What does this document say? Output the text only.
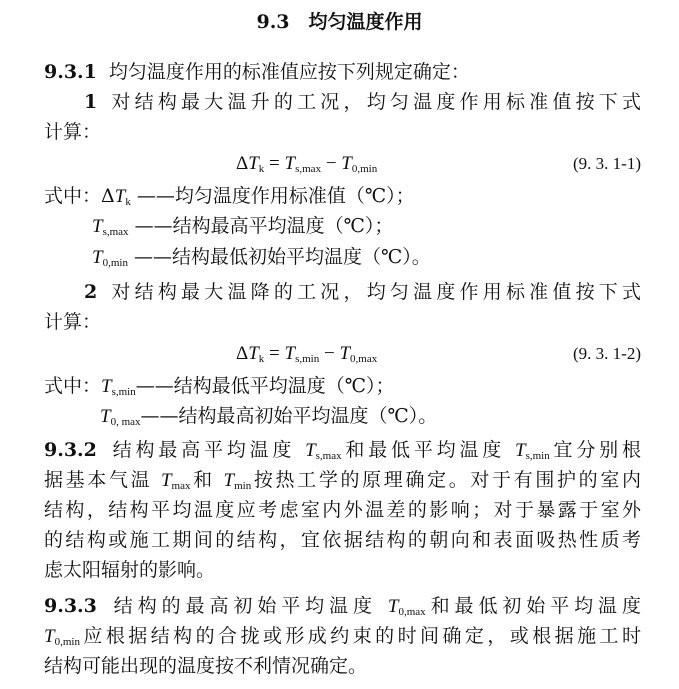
9.3　均匀温度作用
9.3.1 均匀温度作用的标准值应按下列规定确定：
1 对结构最大温升的工况，均匀温度作用标准值按下式
计算：
$\Delta T_k = T_{s,max} - T_{0,min}$	(9. 3. 1-1)
式中：$\Delta T_k$ ——均匀温度作用标准值（℃）；
$T_{s,max}$ ——结构最高平均温度（℃）；
$T_{0,min}$ ——结构最低初始平均温度（℃）。
2 对结构最大温降的工况，均匀温度作用标准值按下式
计算：
$\Delta T_k = T_{s,min} - T_{0,max}$	(9. 3. 1-2)
式中：$T_{s,min}——$结构最低平均温度（℃）；
$T_{0, max}——$结构最高初始平均温度（℃）。
9.3.2 结构最高平均温度 $T_{s,max}$和最低平均温度 $T_{s,min}$宜分别根
据基本气温 $T_{max}$和 $T_{min}$按热工学的原理确定。对于有围护的室内
结构，结构平均温度应考虑室内外温差的影响；对于暴露于室外
的结构或施工期间的结构，宜依据结构的朝向和表面吸热性质考
虑太阳辐射的影响。
9.3.3 结构的最高初始平均温度 $T_{0,max}$和最低初始平均温度
$T_{0,min}$应根据结构的合拢或形成约束的时间确定，或根据施工时
结构可能出现的温度按不利情况确定。
